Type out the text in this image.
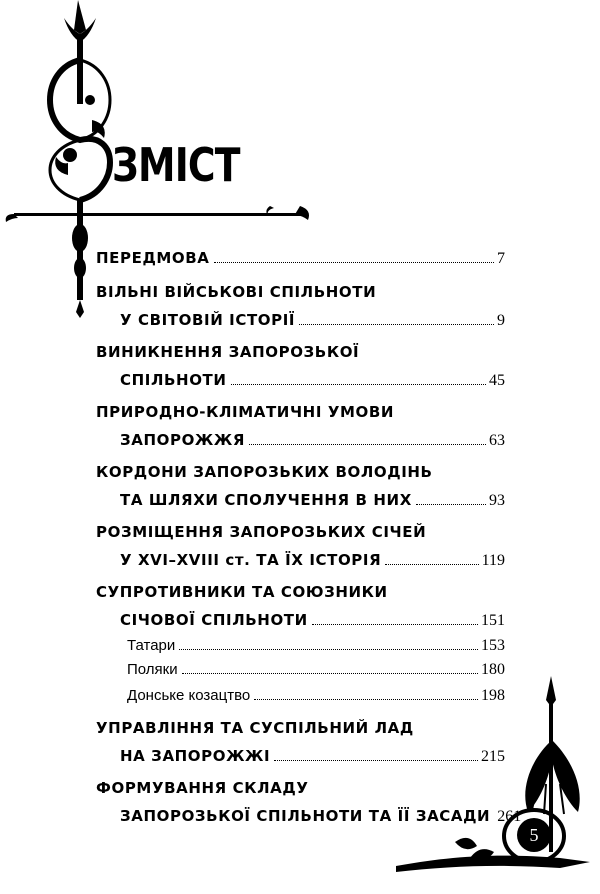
ЗМІСТ
ПЕРЕДМОВА	7
ВІЛЬНІ ВІЙСЬКОВІ СПІЛЬНОТИ
У СВІТОВІЙ ІСТОРІЇ	9
ВИНИКНЕННЯ ЗАПОРОЗЬКОЇ
СПІЛЬНОТИ	45
ПРИРОДНО-КЛІМАТИЧНІ УМОВИ
ЗАПОРОЖЖЯ	63
КОРДОНИ ЗАПОРОЗЬКИХ ВОЛОДІНЬ
ТА ШЛЯХИ СПОЛУЧЕННЯ В НИХ	93
РОЗМІЩЕННЯ ЗАПОРОЗЬКИХ СІЧЕЙ
У XVI–XVIII ст. ТА ЇХ ІСТОРІЯ	119
СУПРОТИВНИКИ ТА СОЮЗНИКИ
СІЧОВОЇ СПІЛЬНОТИ	151
Татари	153
Поляки	180
Донське козацтво	198
УПРАВЛІННЯ ТА СУСПІЛЬНИЙ ЛАД
НА ЗАПОРОЖЖІ	215
ФОРМУВАННЯ СКЛАДУ
ЗАПОРОЗЬКОЇ СПІЛЬНОТИ ТА ЇЇ ЗАСАДИ 261
5
